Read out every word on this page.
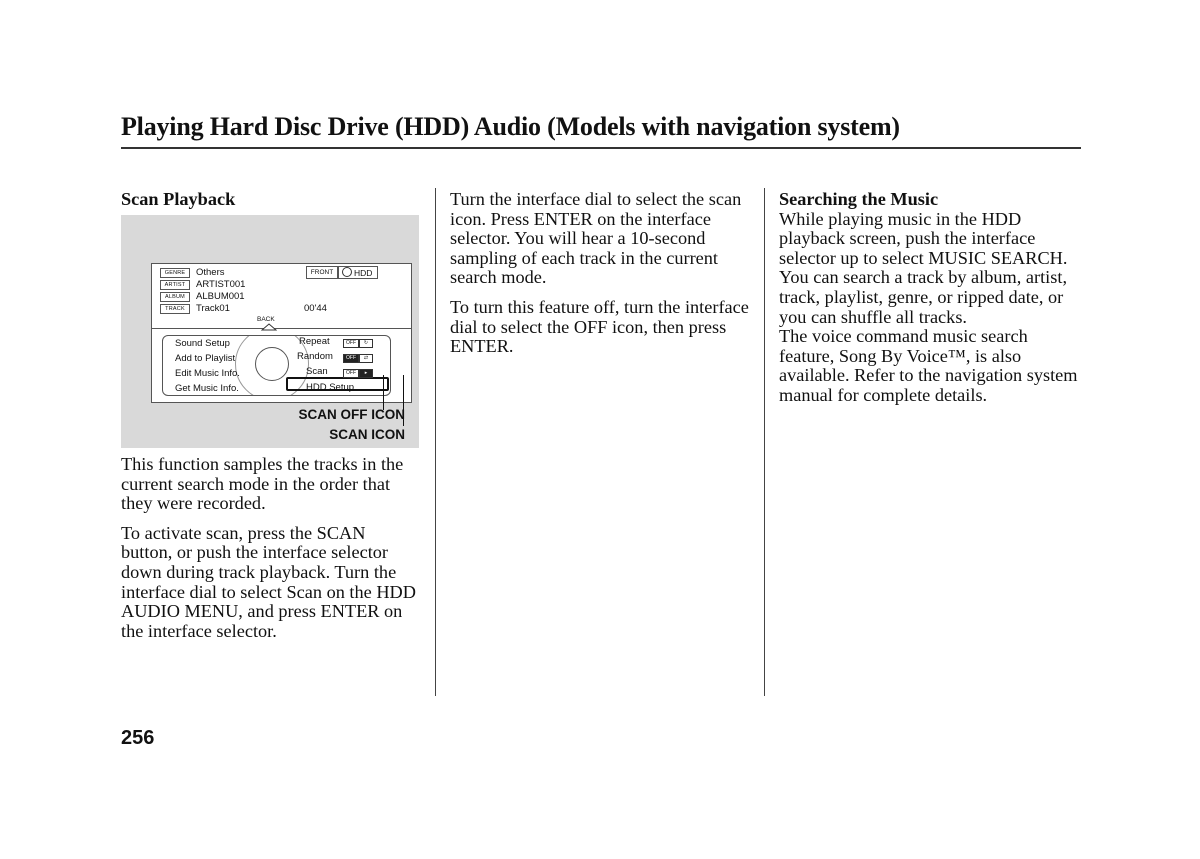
Playing Hard Disc Drive (HDD) Audio (Models with navigation system)

Scan Playback

GENRE	Others
ARTIST	ARTIST001
ALBUM	ALBUM001
TRACK	Track01	00'44
FRONT	HDD
BACK
Sound Setup
Add to Playlist
Edit Music Info.
Get Music Info.
Repeat	OFF	↻
Random	OFF	⇄
Scan	OFF	▸
HDD Setup
SCAN OFF ICON
SCAN ICON

This function samples the tracks in the current search mode in the order that they were recorded.

To activate scan, press the SCAN button, or push the interface selector down during track playback. Turn the interface dial to select Scan on the HDD AUDIO MENU, and press ENTER on the interface selector.

Turn the interface dial to select the scan icon. Press ENTER on the interface selector. You will hear a 10-second sampling of each track in the current search mode.

To turn this feature off, turn the interface dial to select the OFF icon, then press ENTER.

Searching the Music

While playing music in the HDD playback screen, push the interface selector up to select MUSIC SEARCH. You can search a track by album, artist, track, playlist, genre, or ripped date, or you can shuffle all tracks.

The voice command music search feature, Song By Voice™, is also available. Refer to the navigation system manual for complete details.

256
